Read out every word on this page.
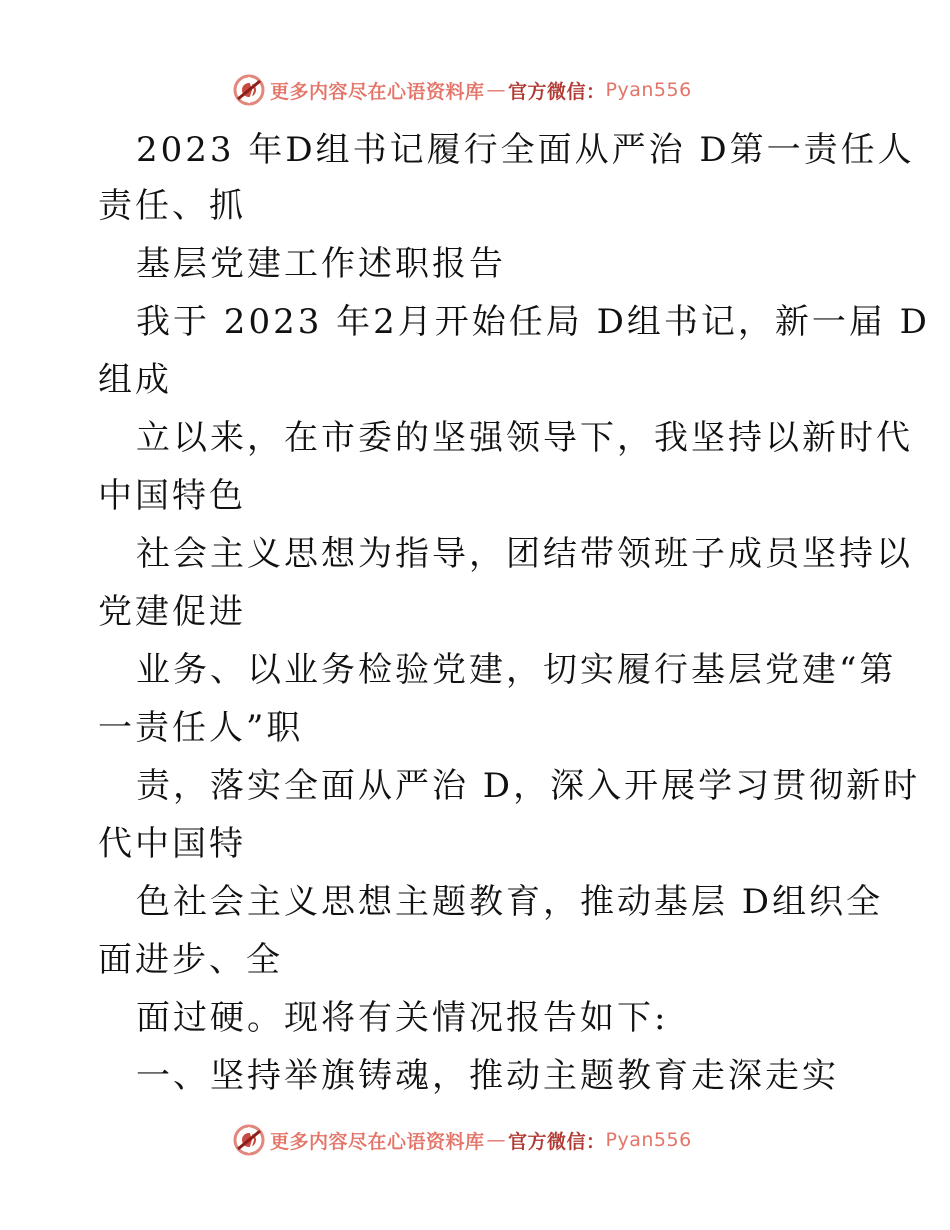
更多内容尽在心语资料库 — 官方微信： Pyan556
2023 年D组书记履行全面从严治 D第一责任人
责任、抓
基层党建工作述职报告
我于 2023 年2月开始任局 D组书记，新一届 D
组成
立以来，在市委的坚强领导下，我坚持以新时代
中国特色
社会主义思想为指导，团结带领班子成员坚持以
党建促进
业务、以业务检验党建，切实履行基层党建“第
一责任人”职
责，落实全面从严治 D，深入开展学习贯彻新时
代中国特
色社会主义思想主题教育，推动基层 D组织全
面进步、全
面过硬。现将有关情况报告如下:
一、坚持举旗铸魂，推动主题教育走深走实
更多内容尽在心语资料库 — 官方微信： Pyan556
